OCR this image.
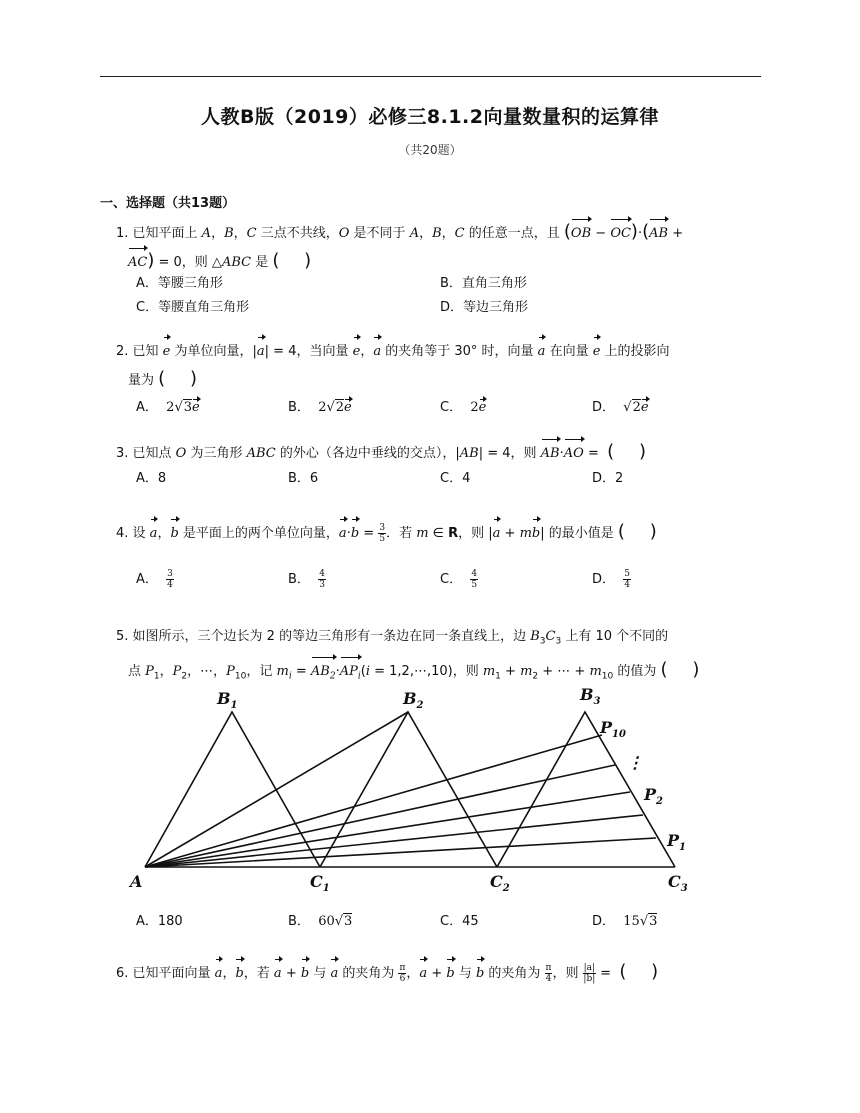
人教B版（2019）必修三8.1.2向量数量积的运算律
（共20题）
一、选择题（共13题）
1. 已知平面上 A，B，C 三点不共线，O 是不同于 A，B，C 的任意一点，且 (OB − OC)·(AB +
AC) = 0，则 △ABC 是 ( )
A．等腰三角形	B．直角三角形
C．等腰直角三角形	D．等边三角形
2. 已知 e 为单位向量，|a| = 4，当向量 e，a 的夹角等于 30° 时，向量 a 在向量 e 上的投影向
量为 ( )
A．  2√3e	B．  2√2e	C．  2e	D．  √2e
3. 已知点 O 为三角形 ABC 的外心（各边中垂线的交点），|AB| = 4，则 AB·AO =  ( )
A．8	B．6	C．4	D．2
4. 设 a，b 是平面上的两个单位向量，$a\cdot b = \frac{3}{5}$ ．若 m ∈ R，则 |a + mb| 的最小值是 ( )
A． $\frac{3}{4}$	B． $\frac{4}{3}$	C． $\frac{4}{5}$	D． $\frac{5}{4}$
5. 如图所示，三个边长为 2 的等边三角形有一条边在同一条直线上，边 $B_3C_3$ 上有 10 个不同的
点 $P_1$，$P_2$，⋯，$P_{10}$，记 $m_i = AB_2\cdot AP_i(i$ = 1,2,⋯,10)，则 $m_1 + m_2$ + ⋯ + $m_{10}$ 的值为 ( )
A
$B_1$	$B_2$
$B_3$
$C_1$	$C_2$	$C_3$
$P_1$
$P_2$
$P_{10}$
⋮
A．180	B．  60√3	C．45	D．  15√3
6. 已知平面向量 a，b，若 a + b 与 a 的夹角为 $\frac{\pi}{6}$ ，a + b 与 b 的夹角为 $\frac{\pi}{4}$ ，则 $\frac{|a|}{|b|}$ =  ( )
